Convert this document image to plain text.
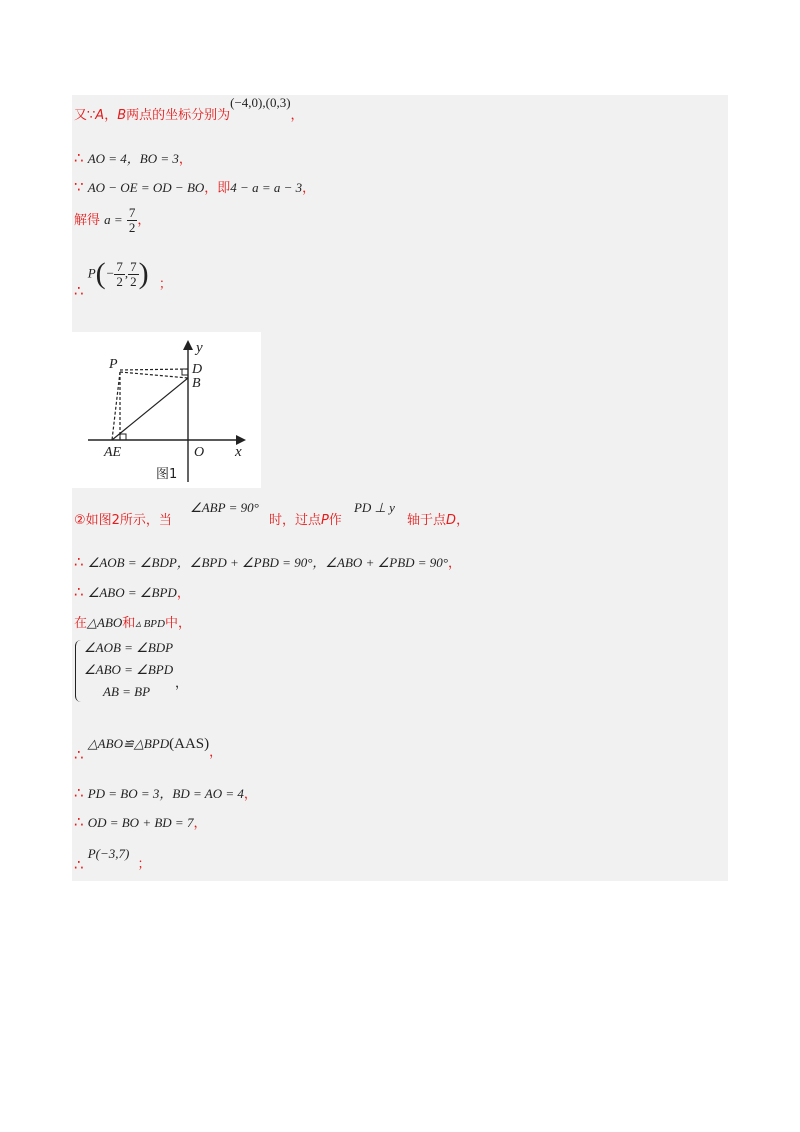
又∵A，B两点的坐标分别为(−4,0),(0,3)，
∴ AO = 4，BO = 3，
∵ AO − OE = OD − BO，即4 − a = a − 3，
解得 $a = \frac{7}{2}$ ，
∴ $P(- \frac{7}{2}$ , $\frac{7}{2}$ ) ；
y
x
O
P	D
B
AE
图1
②如图2所示，当 ∠ABP = 90° 时，过点P作 PD ⊥ y 轴于点D，
∴ ∠AOB = ∠BDP，∠BPD + ∠PBD = 90°，∠ABO + ∠PBD = 90°，
∴ ∠ABO = ∠BPD，
在△ABO和▵ BPD中，
∠AOB = ∠BDP
∠ABO = ∠BPD
AB = BP
，
∴ △ABO≌△BPD(AAS)，
∴ PD = BO = 3，BD = AO = 4，
∴ OD = BO + BD = 7，
∴ P(−3,7) ；
